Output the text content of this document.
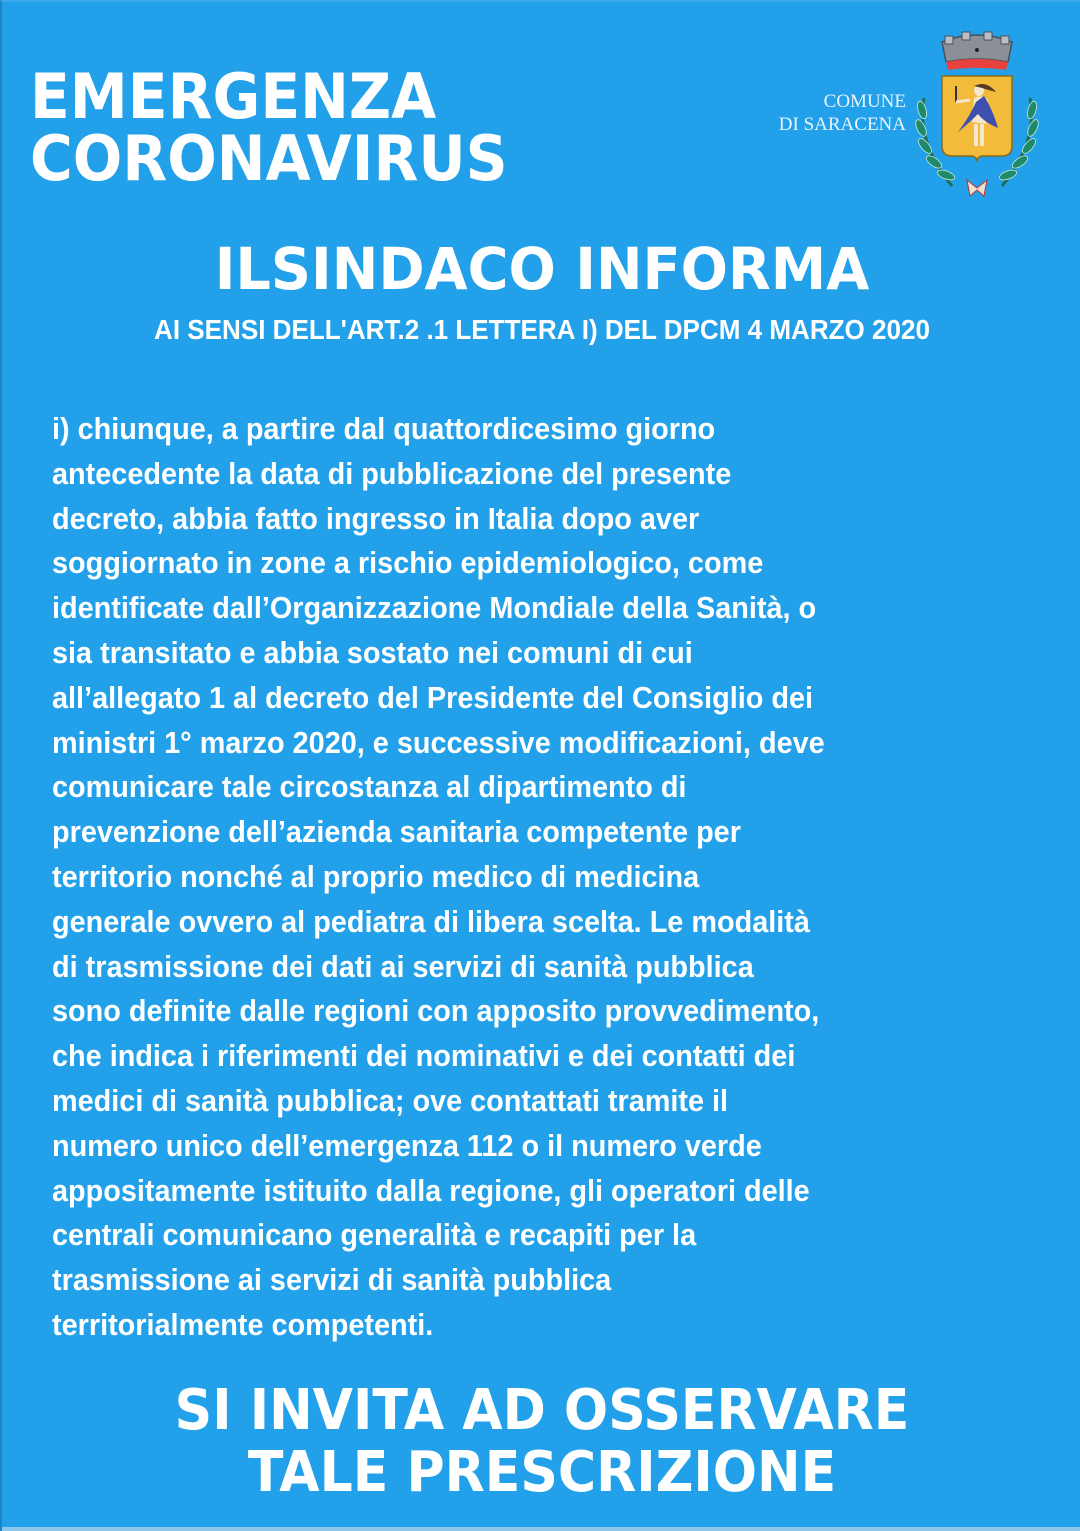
EMERGENZA
CORONAVIRUS
COMUNE
DI SARACENA
ILSINDACO INFORMA
AI SENSI DELL'ART.2 .1 LETTERA I) DEL DPCM 4 MARZO 2020
i) chiunque, a partire dal quattordicesimo giorno
antecedente la data di pubblicazione del presente
decreto, abbia fatto ingresso in Italia dopo aver
soggiornato in zone a rischio epidemiologico, come
identificate dall’Organizzazione Mondiale della Sanità, o
sia transitato e abbia sostato nei comuni di cui
all’allegato 1 al decreto del Presidente del Consiglio dei
ministri 1° marzo 2020, e successive modificazioni, deve
comunicare tale circostanza al dipartimento di
prevenzione dell’azienda sanitaria competente per
territorio nonché al proprio medico di medicina
generale ovvero al pediatra di libera scelta. Le modalità
di trasmissione dei dati ai servizi di sanità pubblica
sono definite dalle regioni con apposito provvedimento,
che indica i riferimenti dei nominativi e dei contatti dei
medici di sanità pubblica; ove contattati tramite il
numero unico dell’emergenza 112 o il numero verde
appositamente istituito dalla regione, gli operatori delle
centrali comunicano generalità e recapiti per la
trasmissione ai servizi di sanità pubblica
territorialmente competenti.
SI INVITA AD OSSERVARE
TALE PRESCRIZIONE
